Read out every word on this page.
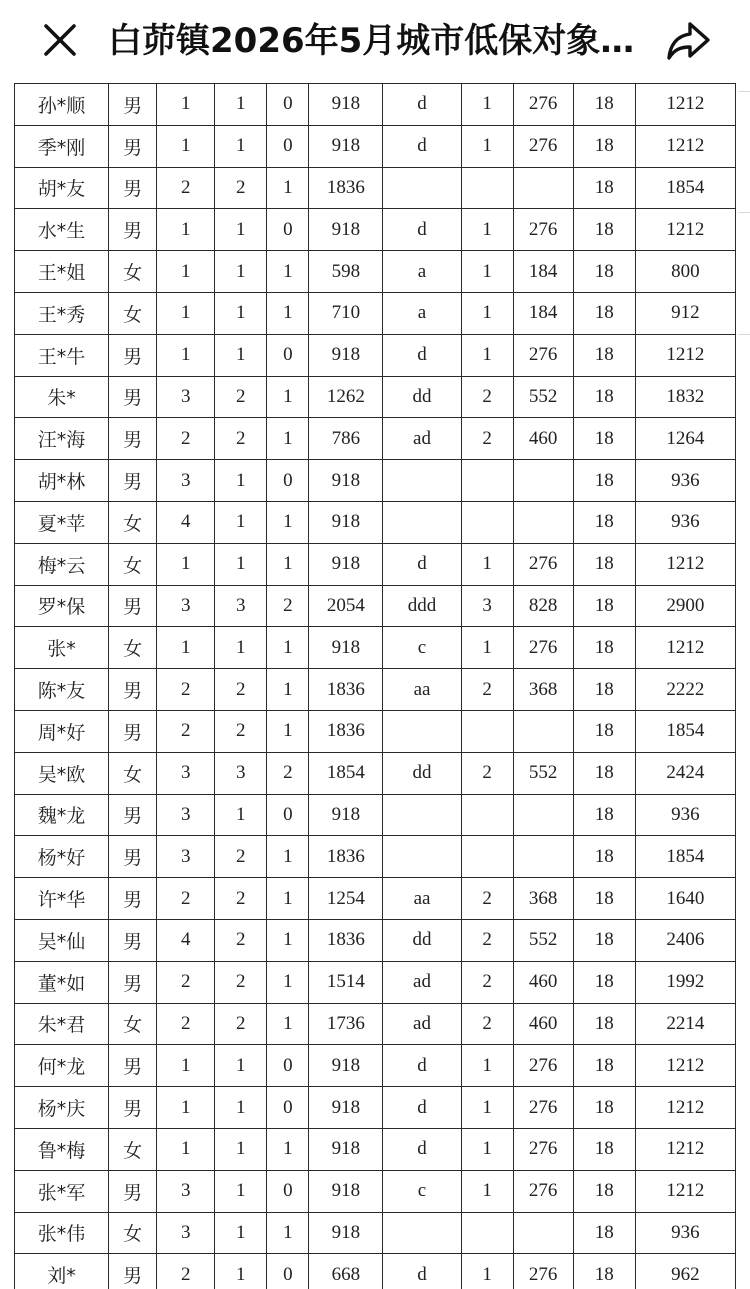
白茆镇2026年5月城市低保对象…
孙*顺	男	1	1	0	918	d	1	276	18	1212
季*刚	男	1	1	0	918	d	1	276	18	1212
胡*友	男	2	2	1	1836				18	1854
水*生	男	1	1	0	918	d	1	276	18	1212
王*姐	女	1	1	1	598	a	1	184	18	800
王*秀	女	1	1	1	710	a	1	184	18	912
王*牛	男	1	1	0	918	d	1	276	18	1212
朱*	男	3	2	1	1262	dd	2	552	18	1832
汪*海	男	2	2	1	786	ad	2	460	18	1264
胡*林	男	3	1	0	918				18	936
夏*苹	女	4	1	1	918				18	936
梅*云	女	1	1	1	918	d	1	276	18	1212
罗*保	男	3	3	2	2054	ddd	3	828	18	2900
张*	女	1	1	1	918	c	1	276	18	1212
陈*友	男	2	2	1	1836	aa	2	368	18	2222
周*好	男	2	2	1	1836				18	1854
吴*欧	女	3	3	2	1854	dd	2	552	18	2424
魏*龙	男	3	1	0	918				18	936
杨*好	男	3	2	1	1836				18	1854
许*华	男	2	2	1	1254	aa	2	368	18	1640
吴*仙	男	4	2	1	1836	dd	2	552	18	2406
董*如	男	2	2	1	1514	ad	2	460	18	1992
朱*君	女	2	2	1	1736	ad	2	460	18	2214
何*龙	男	1	1	0	918	d	1	276	18	1212
杨*庆	男	1	1	0	918	d	1	276	18	1212
鲁*梅	女	1	1	1	918	d	1	276	18	1212
张*军	男	3	1	0	918	c	1	276	18	1212
张*伟	女	3	1	1	918				18	936
刘*	男	2	1	0	668	d	1	276	18	962
